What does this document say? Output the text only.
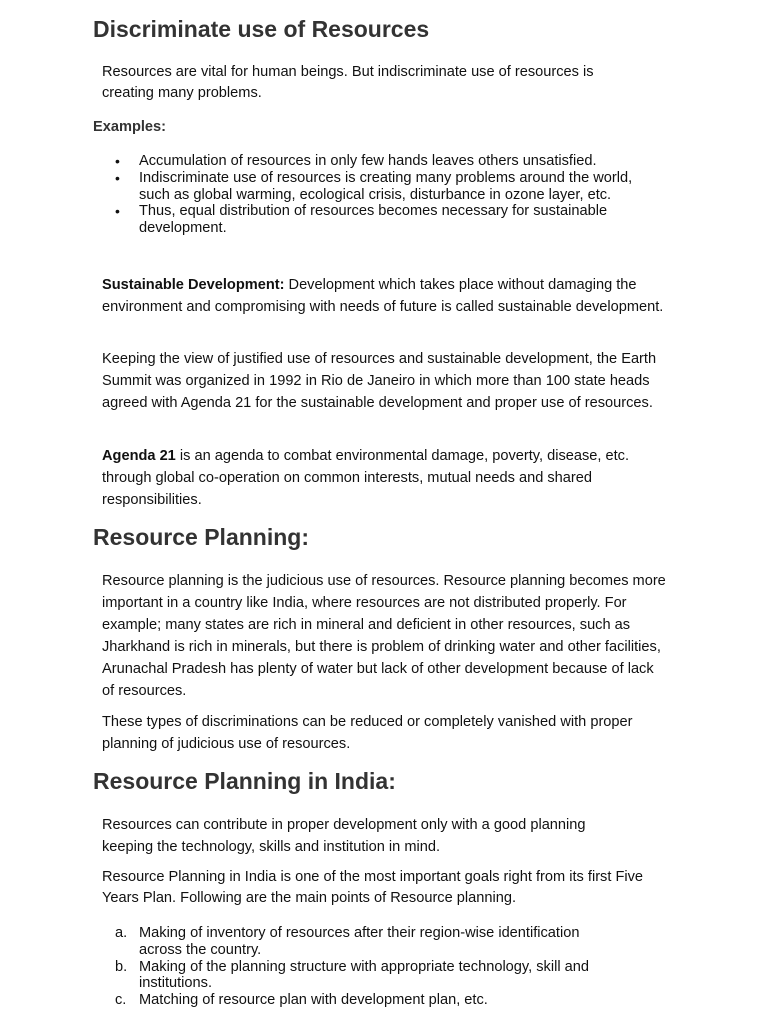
Discriminate use of Resources

Resources are vital for human beings. But indiscriminate use of resources is creating many problems.

Examples:

• Accumulation of resources in only few hands leaves others unsatisfied.
• Indiscriminate use of resources is creating many problems around the world, such as global warming, ecological crisis, disturbance in ozone layer, etc.
• Thus, equal distribution of resources becomes necessary for sustainable development.

Sustainable Development: Development which takes place without damaging the environment and compromising with needs of future is called sustainable development.

Keeping the view of justified use of resources and sustainable development, the Earth Summit was organized in 1992 in Rio de Janeiro in which more than 100 state heads agreed with Agenda 21 for the sustainable development and proper use of resources.

Agenda 21 is an agenda to combat environmental damage, poverty, disease, etc. through global co-operation on common interests, mutual needs and shared responsibilities.

Resource Planning:

Resource planning is the judicious use of resources. Resource planning becomes more important in a country like India, where resources are not distributed properly. For example; many states are rich in mineral and deficient in other resources, such as Jharkhand is rich in minerals, but there is problem of drinking water and other facilities, Arunachal Pradesh has plenty of water but lack of other development because of lack of resources.

These types of discriminations can be reduced or completely vanished with proper planning of judicious use of resources.

Resource Planning in India:

Resources can contribute in proper development only with a good planning keeping the technology, skills and institution in mind.

Resource Planning in India is one of the most important goals right from its first Five Years Plan. Following are the main points of Resource planning.

a. Making of inventory of resources after their region-wise identification across the country.
b. Making of the planning structure with appropriate technology, skill and institutions.
c. Matching of resource plan with development plan, etc.
